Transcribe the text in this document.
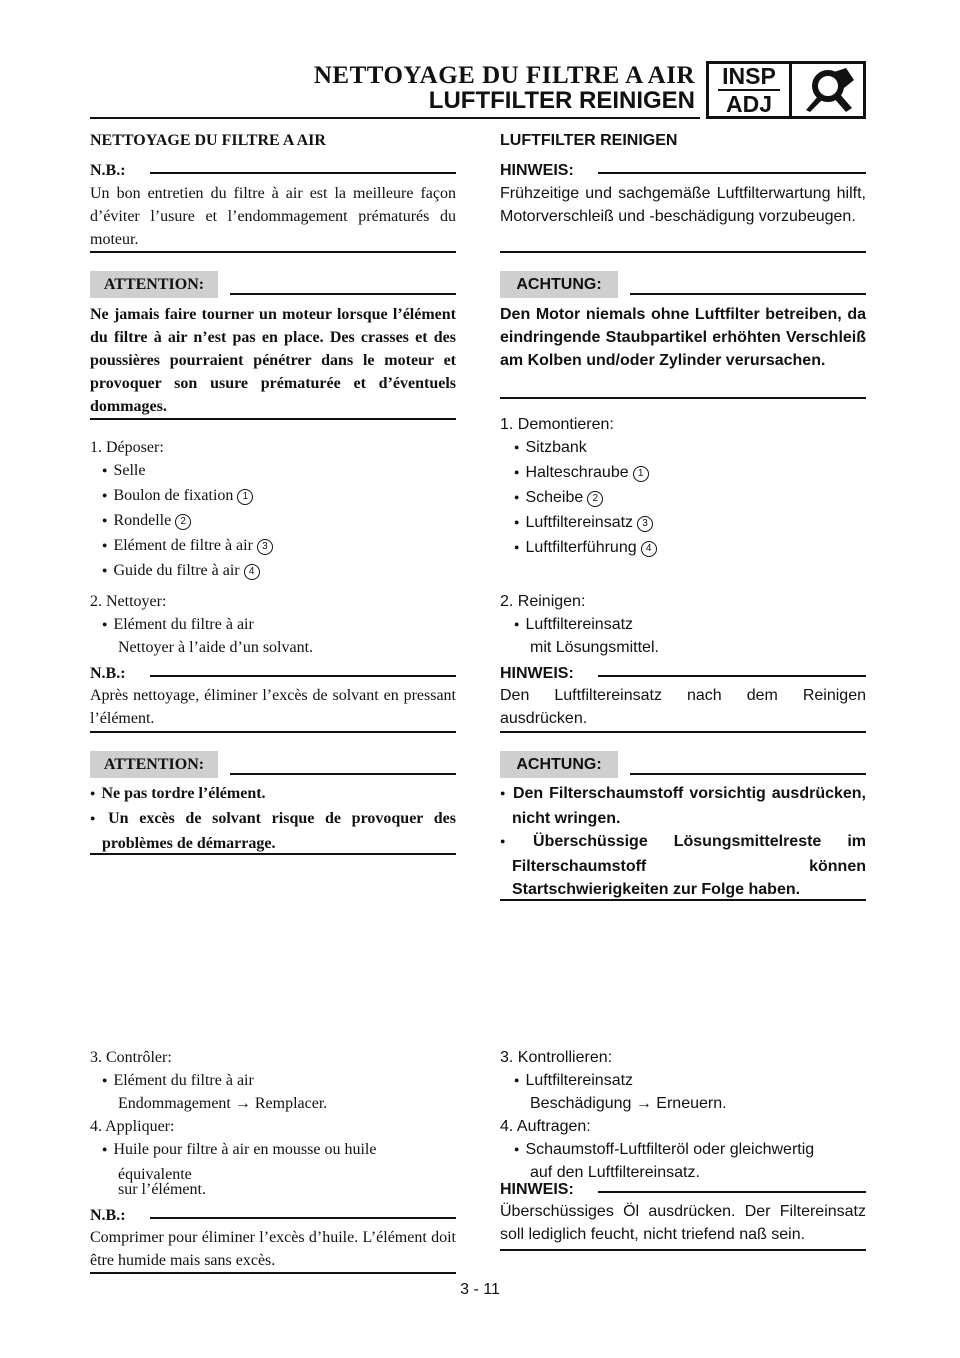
NETTOYAGE DU FILTRE A AIR
LUFTFILTER REINIGEN
INSP
ADJ
NETTOYAGE DU FILTRE A AIR
N.B.:
Un bon entretien du filtre à air est la meilleure façon d’éviter l’usure et l’endommagement prématurés du moteur.
ATTENTION:
Ne jamais faire tourner un moteur lorsque l’élément du filtre à air n’est pas en place. Des crasses et des poussières pourraient pénétrer dans le moteur et provoquer son usure prématurée et d’éventuels dommages.
1. Déposer:
● Selle
● Boulon de fixation 1
● Rondelle 2
● Elément de filtre à air 3
● Guide du filtre à air 4
2. Nettoyer:
● Elément du filtre à air
Nettoyer à l’aide d’un solvant.
N.B.:
Après nettoyage, éliminer l’excès de solvant en pressant l’élément.
ATTENTION:
● Ne pas tordre l’élément.
● Un excès de solvant risque de provoquer des problèmes de démarrage.
3. Contrôler:
● Elément du filtre à air
Endommagement → Remplacer.
4. Appliquer:
● Huile pour filtre à air en mousse ou huile équivalente
sur l’élément.
N.B.:
Comprimer pour éliminer l’excès d’huile. L’élément doit être humide mais sans excès.
LUFTFILTER REINIGEN
HINWEIS:
Frühzeitige und sachgemäße Luftfilterwartung hilft, Motorverschleiß und -beschädigung vorzubeugen.
ACHTUNG:
Den Motor niemals ohne Luftfilter betreiben, da eindringende Staubpartikel erhöhten Verschleiß am Kolben und/oder Zylinder verursachen.
1. Demontieren:
● Sitzbank
● Halteschraube 1
● Scheibe 2
● Luftfiltereinsatz 3
● Luftfilterführung 4
2. Reinigen:
● Luftfiltereinsatz
mit Lösungsmittel.
HINWEIS:
Den Luftfiltereinsatz nach dem Reinigen ausdrücken.
ACHTUNG:
● Den Filterschaumstoff vorsichtig ausdrücken, nicht wringen.
● Überschüssige Lösungsmittelreste im Filterschaumstoff können Startschwierigkeiten zur Folge haben.
3. Kontrollieren:
● Luftfiltereinsatz
Beschädigung → Erneuern.
4. Auftragen:
● Schaumstoff-Luftfilteröl oder gleichwertig
auf den Luftfiltereinsatz.
HINWEIS:
Überschüssiges Öl ausdrücken. Der Filtereinsatz soll lediglich feucht, nicht triefend naß sein.
3 - 11
